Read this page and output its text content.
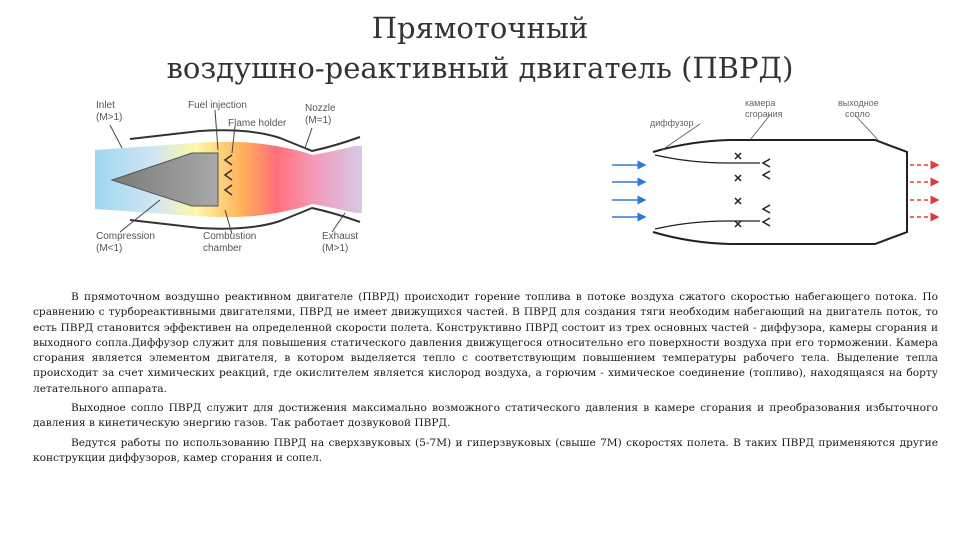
Прямоточный
воздушно-реактивный двигатель (ПВРД)
Inlet
(M>1)
Fuel injection
Flame holder
Nozzle
(M=1)
Compression
(M<1)
Combustion
chamber
Exhaust
(M>1)
диффузор
камера
сгорания
выходное
сопло

В прямоточном воздушно реактивном двигателе (ПВРД) происходит горение топлива в потоке воздуха сжатого скоростью набегающего потока. По сравнению с турбореактивными двигателями, ПВРД не имеет движущихся частей. В ПВРД для создания тяги необходим набегающий на двигатель поток, то есть ПВРД становится эффективен на определенной скорости полета. Конструктивно ПВРД состоит из трех основных частей - диффузора, камеры сгорания и выходного сопла.Диффузор служит для повышения статического давления движущегося относительно его поверхности воздуха при его торможении. Камера сгорания является элементом двигателя, в котором выделяется тепло с соответствующим повышением температуры рабочего тела. Выделение тепла происходит за счет химических реакций, где окислителем является кислород воздуха, а горючим - химическое соединение (топливо), находящаяся на борту летательного аппарата.

Выходное сопло ПВРД служит для достижения максимально возможного статического давления в камере сгорания и преобразования избыточного давления в кинетическую энергию газов. Так работает дозвуковой ПВРД.

Ведутся работы по использованию ПВРД на сверхзвуковых (5-7М) и гиперзвуковых (свыше 7М) скоростях полета. В таких ПВРД применяются другие конструкции диффузоров, камер сгорания и сопел.
